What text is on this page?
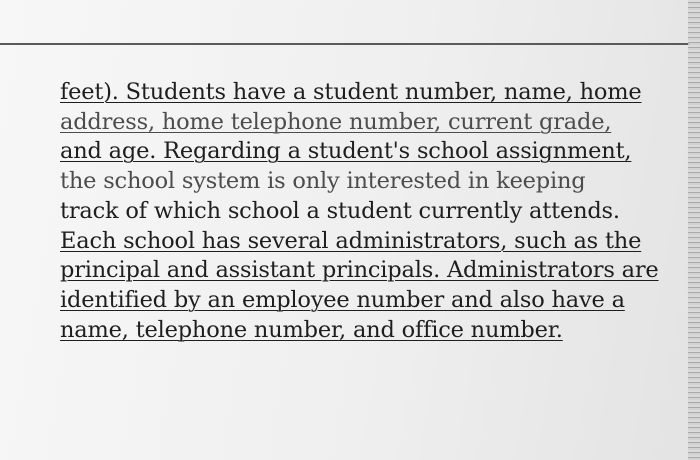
feet). Students have a student number, name, home
address, home telephone number, current grade,
and age. Regarding a student's school assignment,
the school system is only interested in keeping
track of which school a student currently attends.
Each school has several administrators, such as the
principal and assistant principals. Administrators are
identified by an employee number and also have a
name, telephone number, and office number.
